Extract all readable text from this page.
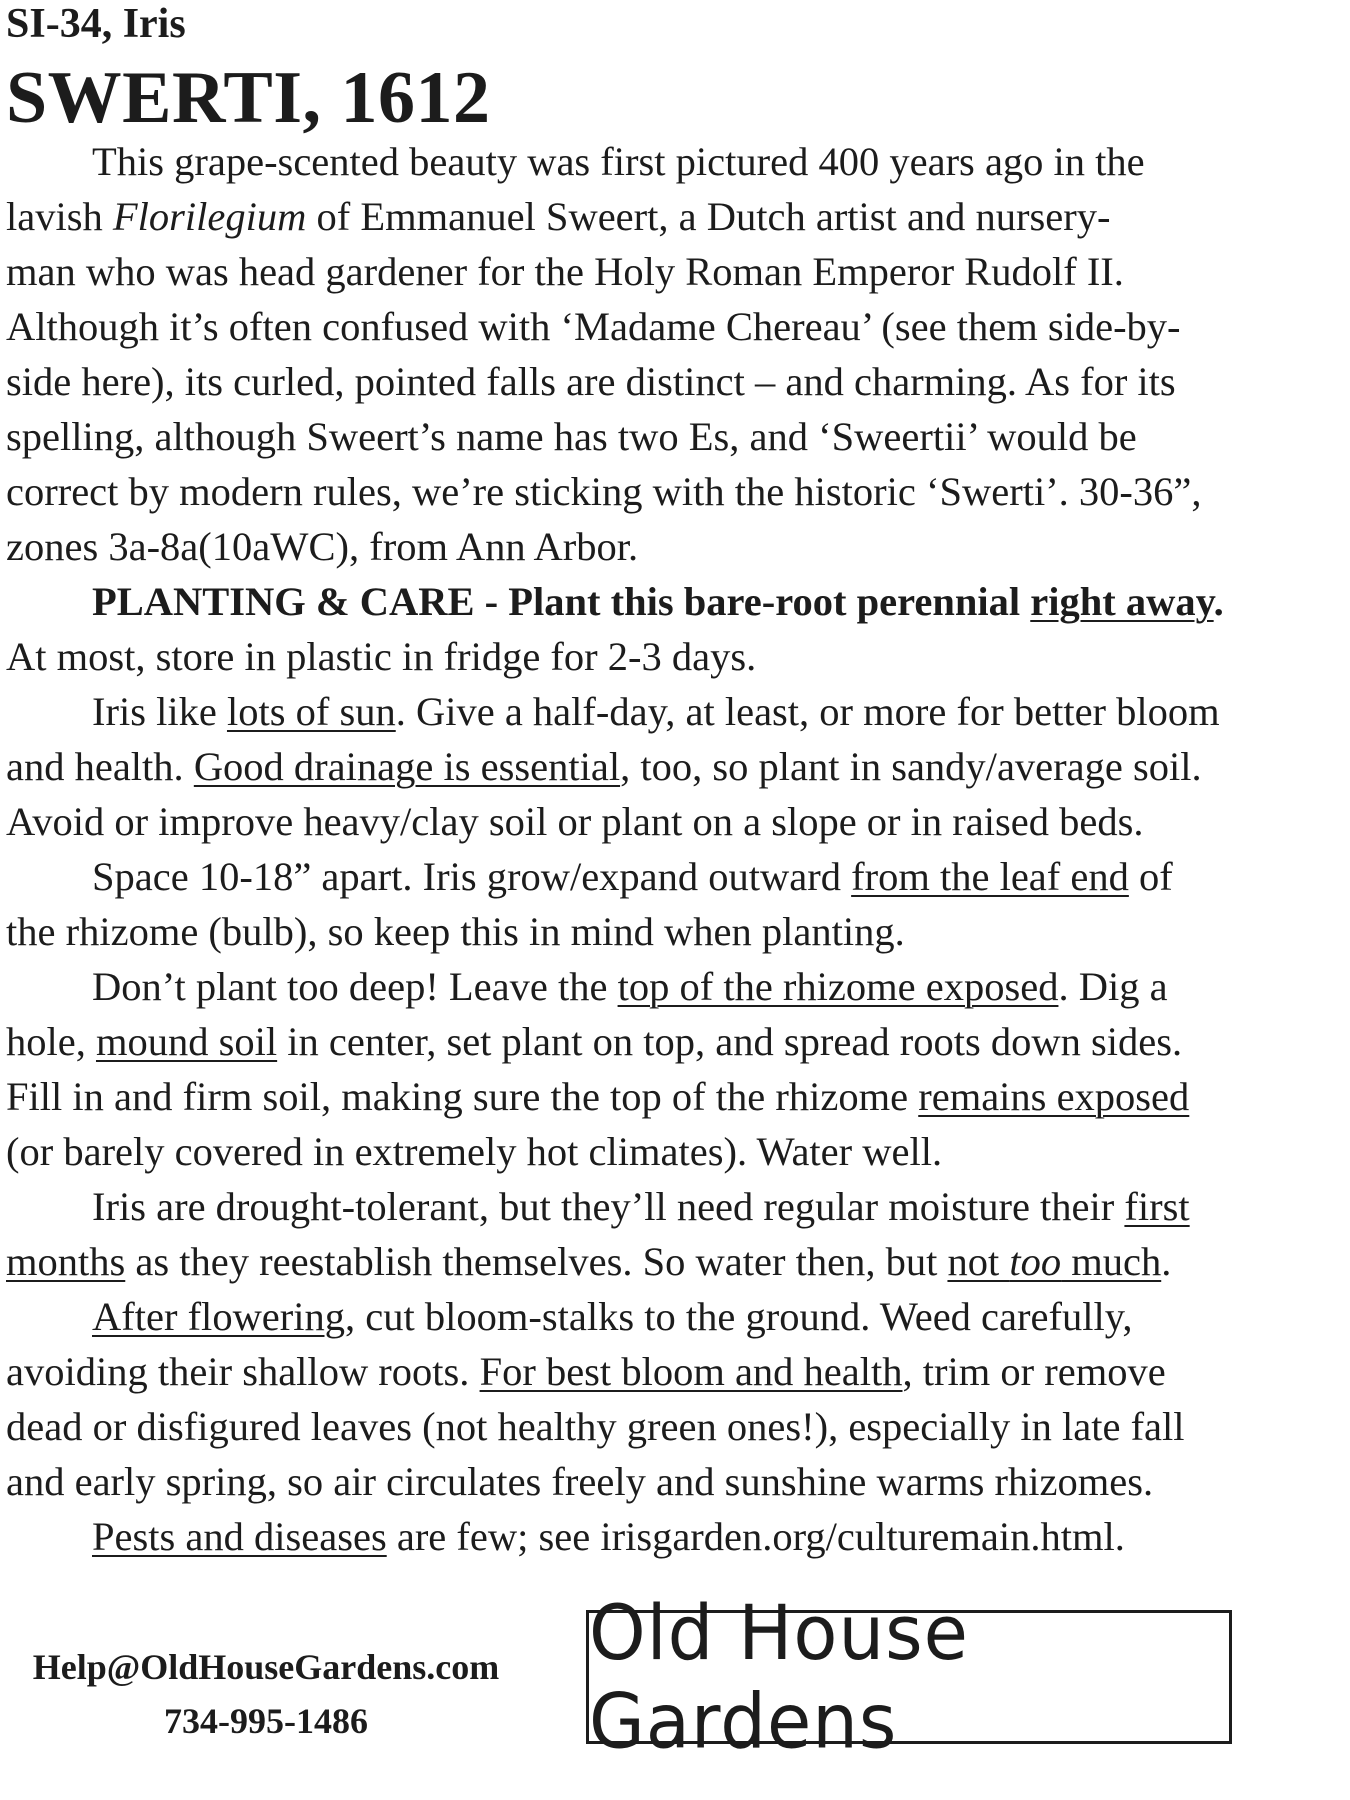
SI-34, Iris
SWERTI, 1612
This grape-scented beauty was first pictured 400 years ago in the
lavish Florilegium of Emmanuel Sweert, a Dutch artist and nursery-
man who was head gardener for the Holy Roman Emperor Rudolf II.
Although it’s often confused with ‘Madame Chereau’ (see them side-by-
side here), its curled, pointed falls are distinct – and charming. As for its
spelling, although Sweert’s name has two Es, and ‘Sweertii’ would be
correct by modern rules, we’re sticking with the historic ‘Swerti’. 30-36”,
zones 3a-8a(10aWC), from Ann Arbor.
PLANTING & CARE - Plant this bare-root perennial right away.
At most, store in plastic in fridge for 2-3 days.
Iris like lots of sun. Give a half-day, at least, or more for better bloom
and health. Good drainage is essential, too, so plant in sandy/average soil.
Avoid or improve heavy/clay soil or plant on a slope or in raised beds.
Space 10-18” apart. Iris grow/expand outward from the leaf end of
the rhizome (bulb), so keep this in mind when planting.
Don’t plant too deep! Leave the top of the rhizome exposed. Dig a
hole, mound soil in center, set plant on top, and spread roots down sides.
Fill in and firm soil, making sure the top of the rhizome remains exposed
(or barely covered in extremely hot climates). Water well.
Iris are drought-tolerant, but they’ll need regular moisture their first
months as they reestablish themselves. So water then, but not too much.
After flowering, cut bloom-stalks to the ground. Weed carefully,
avoiding their shallow roots. For best bloom and health, trim or remove
dead or disfigured leaves (not healthy green ones!), especially in late fall
and early spring, so air circulates freely and sunshine warms rhizomes.
Pests and diseases are few; see irisgarden.org/culturemain.html.
Help@OldHouseGardens.com
734-995-1486
Old House Gardens
